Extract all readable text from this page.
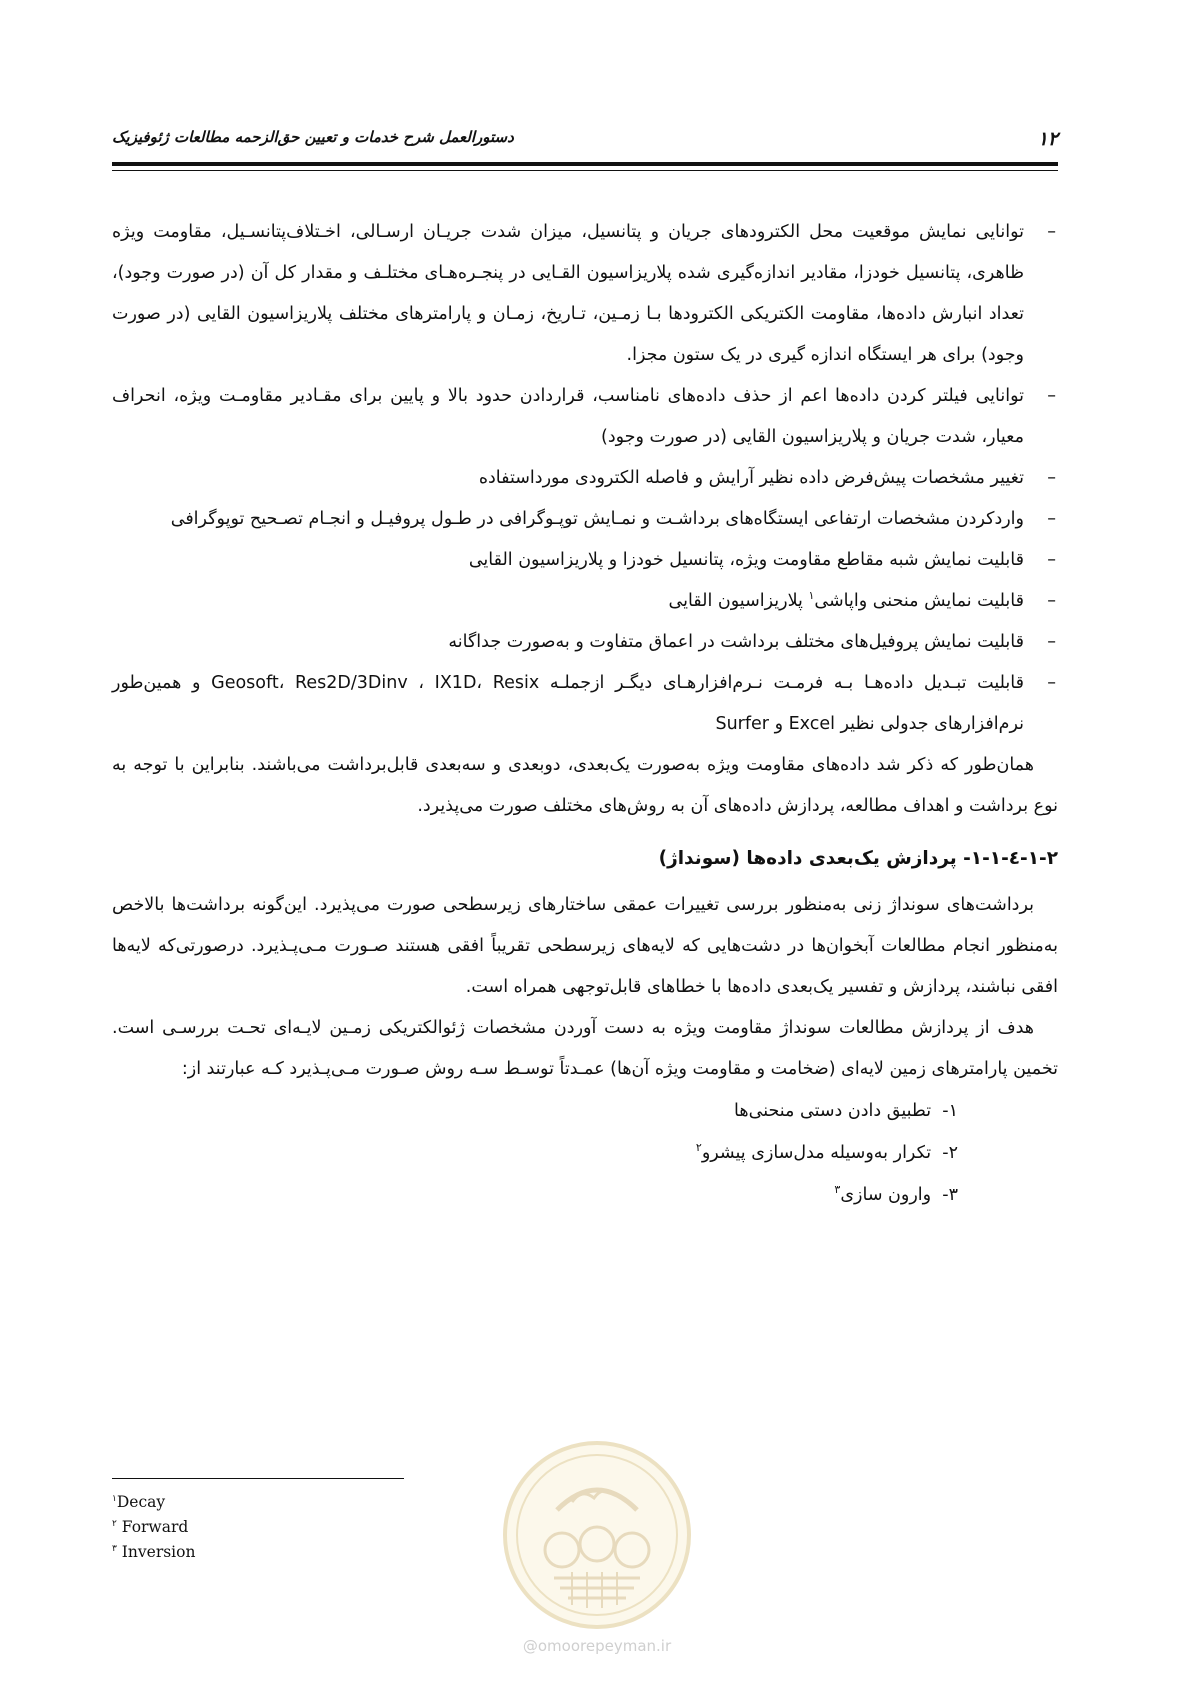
۱۲
دستورالعمل شرح خدمات و تعیین حق‌الزحمه مطالعات ژئوفیزیک
– توانایی نمایش موقعیت محل الکترودهای جریان و پتانسیل، میزان شدت جریـان ارسـالی، اخـتلاف‌پتانسـیل، مقاومت ویژه ظاهری، پتانسیل خودزا، مقادیر اندازه‌گیری شده پلاریزاسیون القـایی در پنجـره‌هـای مختلـف و مقدار کل آن (در صورت وجود)، تعداد انبارش داده‌ها، مقاومت الکتریکی الکترودها بـا زمـین، تـاریخ، زمـان و پارامترهای مختلف پلاریزاسیون القایی (در صورت وجود) برای هر ایستگاه اندازه گیری در یک ستون مجزا.
– توانایی فیلتر کردن داده‌ها اعم از حذف داده‌های نامناسب، قراردادن حدود بالا و پایین برای مقـادیر مقاومـت ویژه، انحراف معیار، شدت جریان و پلاریزاسیون القایی (در صورت وجود)
– تغییر مشخصات پیش‌فرض داده نظیر آرایش و فاصله الکترودی مورداستفاده
– واردکردن مشخصات ارتفاعی ایستگاه‌های برداشـت و نمـایش توپـوگرافی در طـول پروفیـل و انجـام تصـحیح توپوگرافی
– قابلیت نمایش شبه مقاطع مقاومت ویژه، پتانسیل خودزا و پلاریزاسیون القایی
– قابلیت نمایش منحنی واپاشی$^۱$ پلاریزاسیون القایی
– قابلیت نمایش پروفیل‌های مختلف برداشت در اعماق متفاوت و به‌صورت جداگانه
– قابلیت تبـدیل داده‌هـا بـه فرمـت نـرم‌افزارهـای دیگـر ازجملـه Geosoft، Res2D/3Dinv ، IX1D، Resix و همین‌طور نرم‌افزارهای جدولی نظیر Excel و Surfer

همان‌طور که ذکر شد داده‌های مقاومت ویژه به‌صورت یک‌بعدی، دوبعدی و سه‌بعدی قابل‌برداشت می‌باشند. بنابراین با توجه به نوع برداشت و اهداف مطالعه، پردازش داده‌های آن به روش‌های مختلف صورت می‌پذیرد.

۱-۲-٤-۱-۱- پردازش یک‌بعدی داده‌ها (سونداژ)

برداشت‌های سونداژ زنی به‌منظور بررسی تغییرات عمقی ساختارهای زیرسطحی صورت می‌پذیرد. این‌گونه برداشت‌ها بالاخص به‌منظور انجام مطالعات آبخوان‌ها در دشت‌هایی که لایه‌های زیرسطحی تقریباً افقی هستند صـورت مـی‌پـذیرد. درصورتی‌که لایه‌ها افقی نباشند، پردازش و تفسیر یک‌بعدی داده‌ها با خطاهای قابل‌توجهی همراه است.

هدف از پردازش مطالعات سونداژ مقاومت ویژه به دست آوردن مشخصات ژئوالکتریکی زمـین لایـه‌ای تحـت بررسـی است. تخمین پارامترهای زمین لایه‌ای (ضخامت و مقاومت ویژه آن‌ها) عمـدتاً توسـط سـه روش صـورت مـی‌پـذیرد کـه عبارتند از:

۱-  تطبیق دادن دستی منحنی‌ها
۲-  تکرار به‌وسیله مدل‌سازی پیشرو$^۲$
۳-  وارون سازی$^۳$
$^۱$Decay
$^۲$ Forward
$^۳$ Inversion
@omoorepeyman.ir
